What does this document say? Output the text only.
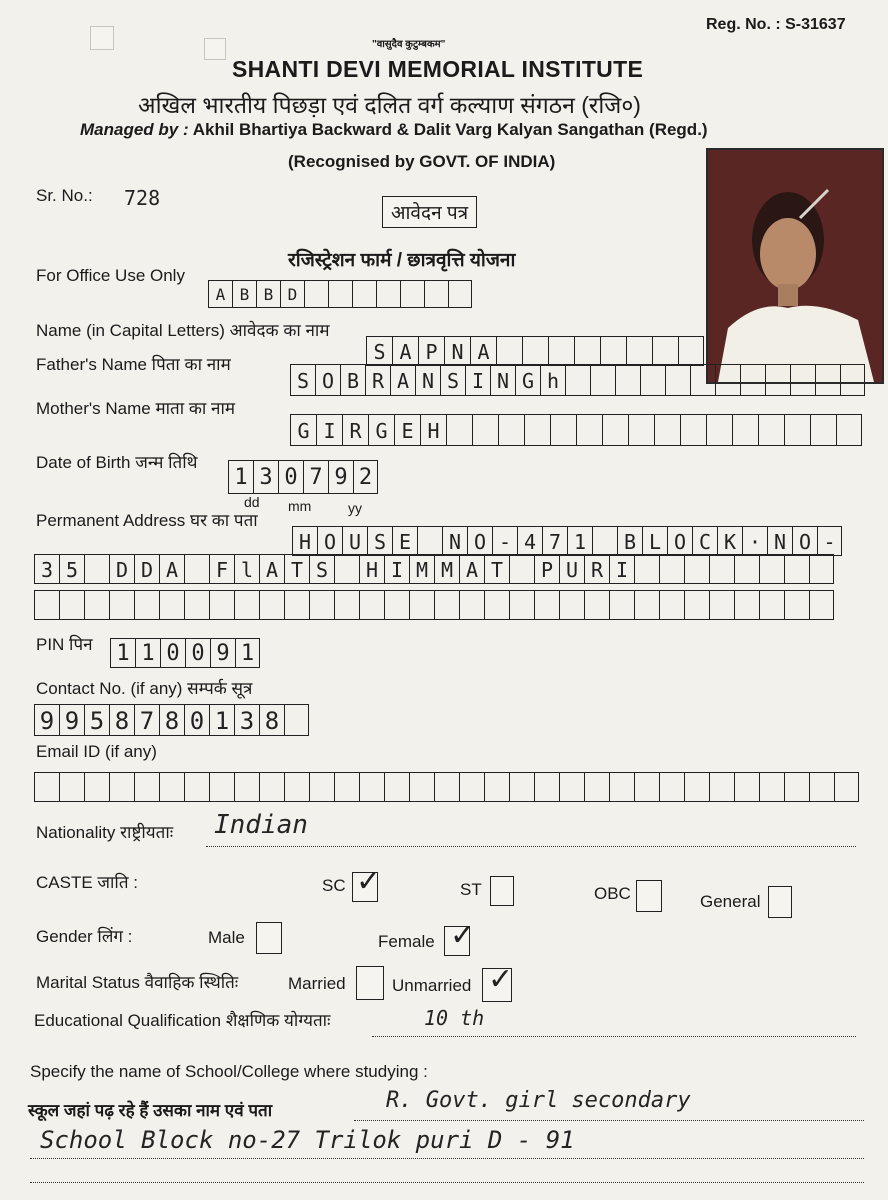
Reg. No. : S-31637
"वासुदैव कुटुम्बकम"
SHANTI DEVI MEMORIAL INSTITUTE
अखिल भारतीय पिछड़ा एवं दलित वर्ग कल्याण संगठन (रजि०)
Managed by : Akhil Bhartiya Backward & Dalit Varg Kalyan Sangathan (Regd.)
(Recognised by GOVT. OF INDIA)
Sr. No.: 728
आवेदन पत्र
रजिस्ट्रेशन फार्म / छात्रवृत्ति योजना
For Office Use Only
A B B D
Name (in Capital Letters) आवेदक का नाम
S A P N A
Father's Name पिता का नाम
S O B R A N S I N G h
Mother's Name माता का नाम
G I R G E H
Date of Birth जन्म तिथि
1 3 0 7 9 2
dd mm	yy
Permanent Address घर का पता
H O U S E	N O - 4 7 1	B L O C K · N O -
3 5	D D A	F l A T S	H I M M A T	P U R I
PIN पिन 1 1 0 0 9 1
Contact No. (if any) सम्पर्क सूत्र
9 9 5 8 7 8 0 1 3 8
Email ID (if any)
Nationality राष्ट्रीयताः Indian
CASTE जाति :	SC ✓	ST	OBC	General
Gender लिंग :	Male	Female ✓
Marital Status वैवाहिक स्थितिः	Married	Unmarried ✓
Educational Qualification शैक्षणिक योग्यताः	10 th
Specify the name of School/College where studying :
स्कूल जहां पढ़ रहे हैं उसका नाम एवं पता	R. Govt. girl secondary
School Block no-27 Trilok puri D - 91
